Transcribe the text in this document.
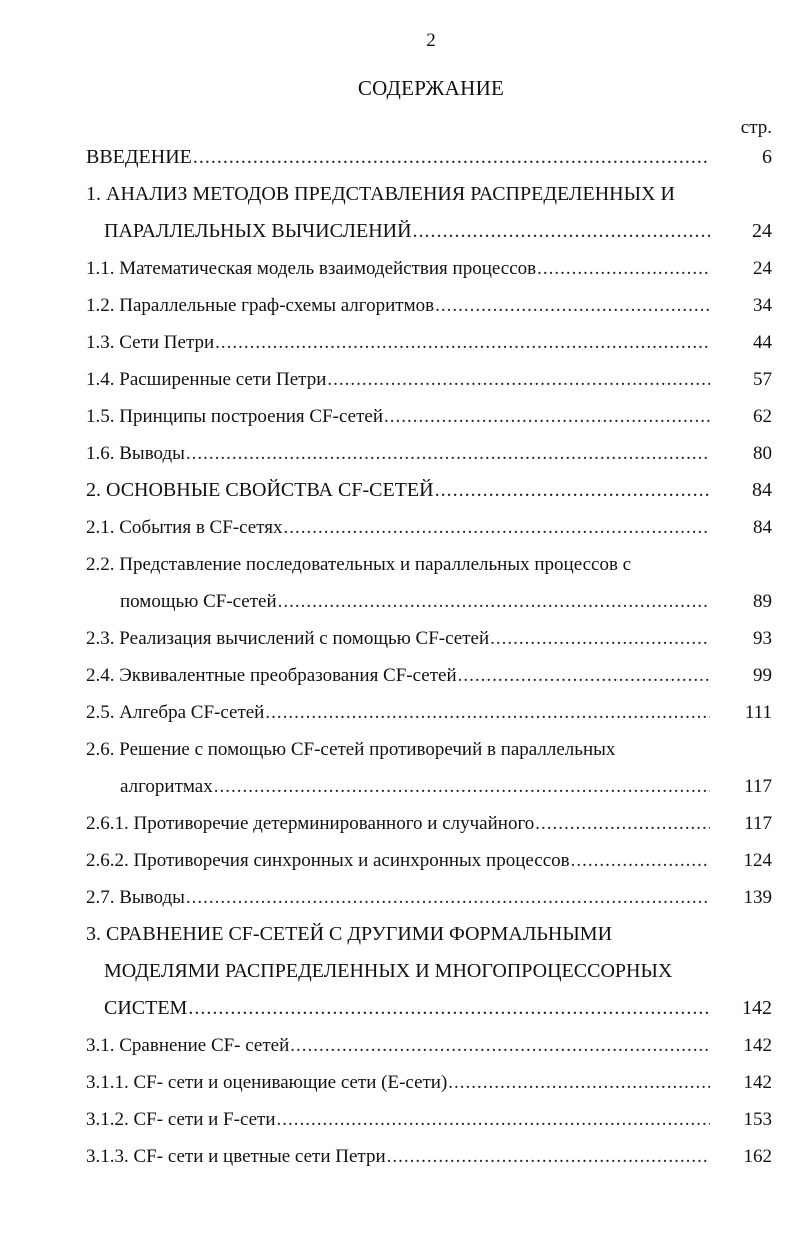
2
СОДЕРЖАНИЕ
стр.
ВВЕДЕНИЕ .....	6
1. АНАЛИЗ МЕТОДОВ ПРЕДСТАВЛЕНИЯ РАСПРЕДЕЛЕННЫХ И
ПАРАЛЛЕЛЬНЫХ ВЫЧИСЛЕНИЙ .....	24
1.1. Математическая модель взаимодействия процессов .....	24
1.2. Параллельные граф-схемы алгоритмов .....	34
1.3. Сети Петри .....	44
1.4. Расширенные сети Петри .....	57
1.5. Принципы построения CF-сетей .....	62
1.6. Выводы .....	80
2. ОСНОВНЫЕ СВОЙСТВА CF-СЕТЕЙ .....	84
2.1. События в CF-сетях .....	84
2.2. Представление последовательных и параллельных процессов с
помощью CF-сетей .....	89
2.3. Реализация вычислений с помощью CF-сетей .....	93
2.4. Эквивалентные преобразования CF-сетей .....	99
2.5. Алгебра CF-сетей .....	111
2.6. Решение с помощью CF-сетей противоречий в параллельных
алгоритмах .....	117
2.6.1. Противоречие детерминированного и случайного .....	117
2.6.2. Противоречия синхронных и асинхронных процессов .....	124
2.7. Выводы .....	139
3. СРАВНЕНИЕ CF-СЕТЕЙ С ДРУГИМИ ФОРМАЛЬНЫМИ
МОДЕЛЯМИ РАСПРЕДЕЛЕННЫХ И МНОГОПРОЦЕССОРНЫХ
СИСТЕМ .....	142
3.1. Сравнение CF- сетей .....	142
3.1.1. CF- сети и оценивающие сети (Е-сети) .....	142
3.1.2. CF- сети и F-сети .....	153
3.1.3. CF- сети и цветные сети Петри .....	162
